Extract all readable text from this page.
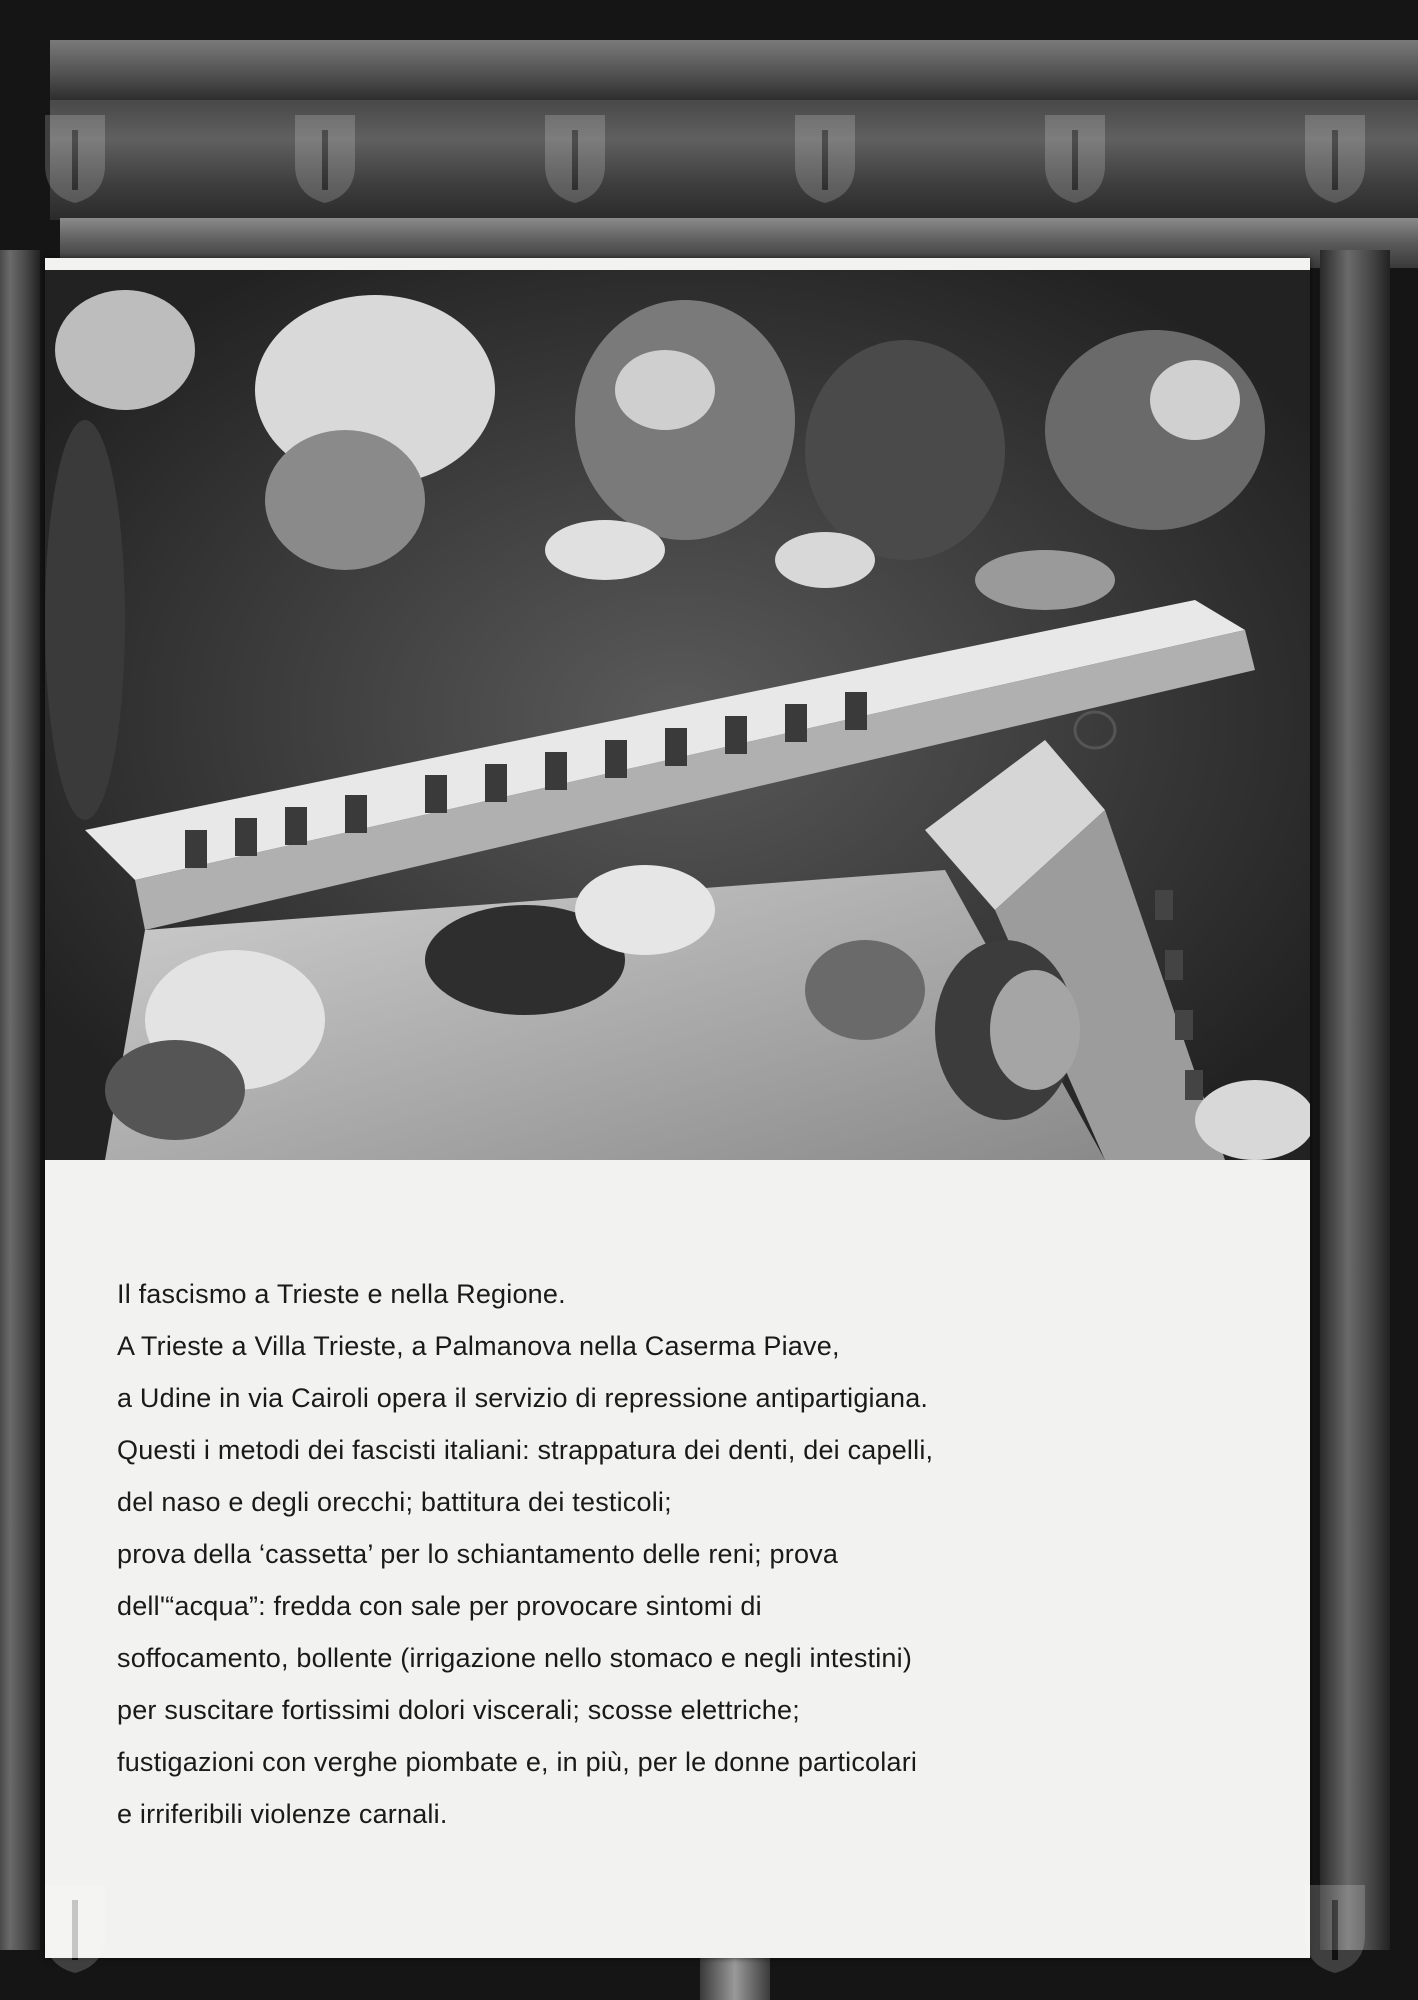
Il fascismo a Trieste e nella Regione.
A Trieste a Villa Trieste, a Palmanova nella Caserma Piave,
a Udine in via Cairoli opera il servizio di repressione antipartigiana.
Questi i metodi dei fascisti italiani: strappatura dei denti, dei capelli,
del naso e degli orecchi; battitura dei testicoli;
prova della ‘cassetta’ per lo schiantamento delle reni; prova
dell'“acqua”: fredda con sale per provocare sintomi di
soffocamento, bollente (irrigazione nello stomaco e negli intestini)
per suscitare fortissimi dolori viscerali; scosse elettriche;
fustigazioni con verghe piombate e, in più, per le donne particolari
e irriferibili violenze carnali.
